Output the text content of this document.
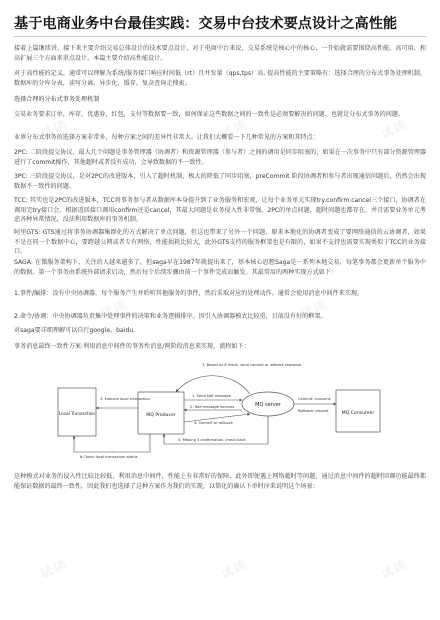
试读	试读	试读
试读	试读
试读	试读	试读
基于电商业务中台最佳实践：交易中台技术要点设计之高性能
接着上篇继续讲，接下来主要介绍交易总体设计的技术要点设计，对于电商中台来说，交易系统是核心中的核心，一开始就需要围绕高性能、高可用，和高扩展三个方面来重点设计。本篇主要介绍高性能设计。
对于高性能的定义，通常可以理解为系统/服务接口响应时间低（rt）且并发量（qps,tps）高, 提高性能的主要策略有：选择合理的分布式事务处理机制，数据库的分库分表，读写分离，异步化，缓存，复杂查询走搜索。
选择合理的分布式事务处理机制
交易业务要求订单，库存，优惠券，红包，支付等数据要一致，如何保证这些数据之间的一致性是必须要解决的问题，也就是分布式事务的问题。
业界分布式事务的选择方案非常多，每种方案之间的差异性非常大。让我们大概看一下几种常见的方案和其特点：
2PC: 二阶段提交协议，最大几个问题是事务管理器（协调者）和资源管理器（参与者）之间的调用是同步阻塞的，如果在一次事务中只有部分资源管理器进行了commit操作，其他超时或者没有成功，会导致数据的不一致性。
3PC: 三阶段提交协议，是对2PC的改进版本，引入了超时机制，极大的降低了同步阻塞，preCommit 阶段协调者和参与者出现通信问题后，仍然会出现数据不一致性的问题。
TCC: 其实也是2PC的改进版本，TCC将事务参与者从数据库本身提升到了业务服务和宏观，让每个业务单元实现try.confirm.cancel三个接口，协调者在调用完try接口会，根据返回接口调用confirm还是cancel，其最大问题是业务侵入性非常强，2PC的单点问题，超时问题也都存在，并且需要业务单元考虑各种异常情况，没法利用数据库的事务机制。
阿里GTS: GTS通过将事务协调器集群化的方式解决了单点问题，但这也带来了另外一个问题，原来本地化的协调者变成了要网络通信的云协调者，如果不是在同一个数据中心，要跨越公网或者专有网络，性能损耗比较大，此外GTS支持的服务框架也是有限的，如果不支持也需要实现类似于TCC的业务接口。
SAGA: 在微服务架构下，关注的人越来越多了，但saga早在1987年就提出来了，基本核心思想Saga是一系列本地交易，每笔事务都会更新单个服务中的数据。第一个事务由系统外部请求启动，然后每个后续步骤由前一个事件完成而触发。其最常用的两种实现方式如下：
1.事件/编排：没有中央协调器，每个服务产生并聆听其他服务的事件，然后采取对应的处理动作。通常会使用消息中间件来实现。
2.命令/协调：中央协调器负责集中处理事件的决策和业务逻辑排序。因引入协调器模式比较重，目前没有好的框架。
对saga要详细理解可以自行google，baidu.
事务消息最终一致性方案:利用消息中间件的事务性消息/两阶段消息来实现，流程如下：
Local Transaction	MQ Producer
MQ server
MQ Consumer
7. Based on 6 result, send commit or rollback response
1. Send half message
2. Half message success
4. Commit or rollback
3. Execute local transaction	Commit: consume
Rollback: discard
5. Missing 4 confirmation, check back
6.Check local transaction status
这种模式对业务的侵入性比较比较低，利用消息中间件，性能上有非常好的保障，此外即使遇上网络超时等问题，通过消息中间件的超时回调功能最终都能保证数据的最终一致性。因此我们也选择了这种方案作为我们的实现，以简化的确认下单时序来说明这个场景：
